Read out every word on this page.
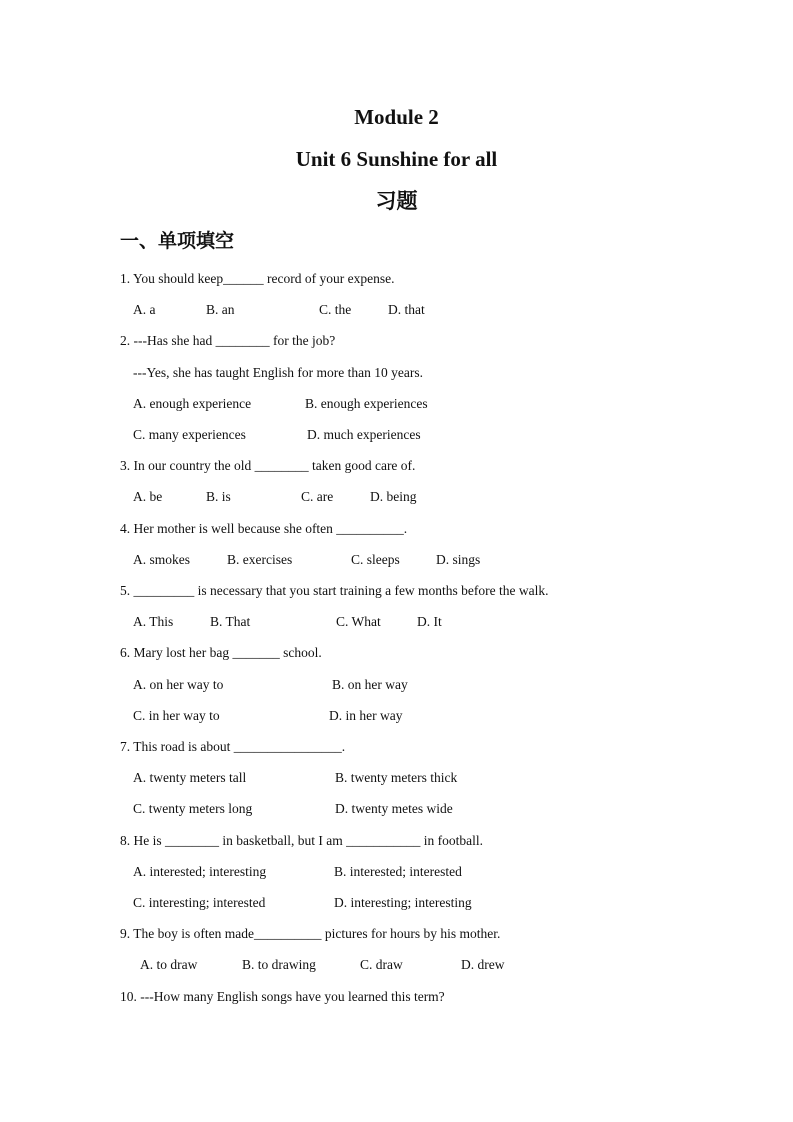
Module 2
Unit 6 Sunshine for all
习题
一、单项填空
1. You should keep______ record of your expense.
A. a	B. an	C. the	D. that
2. ---Has she had ________ for the job?
---Yes, she has taught English for more than 10 years.
A. enough experience	B. enough experiences
C. many experiences	D. much experiences
3. In our country the old ________ taken good care of.
A. be	B. is	C. are	D. being
4. Her mother is well because she often __________.
A. smokes	B. exercises	C. sleeps	D. sings
5. _________ is necessary that you start training a few months before the walk.
A. This	B. That	C. What	D. It
6. Mary lost her bag _______ school.
A. on her way to	B. on her way
C. in her way to	D. in her way
7. This road is about ________________.
A. twenty meters tall	B. twenty meters thick
C. twenty meters long	D. twenty metes wide
8. He is ________ in basketball, but I am ___________ in football.
A. interested; interesting	B. interested; interested
C. interesting; interested	D. interesting; interesting
9. The boy is often made__________ pictures for hours by his mother.
A. to draw	B. to drawing	C. draw	D. drew
10. ---How many English songs have you learned this term?
